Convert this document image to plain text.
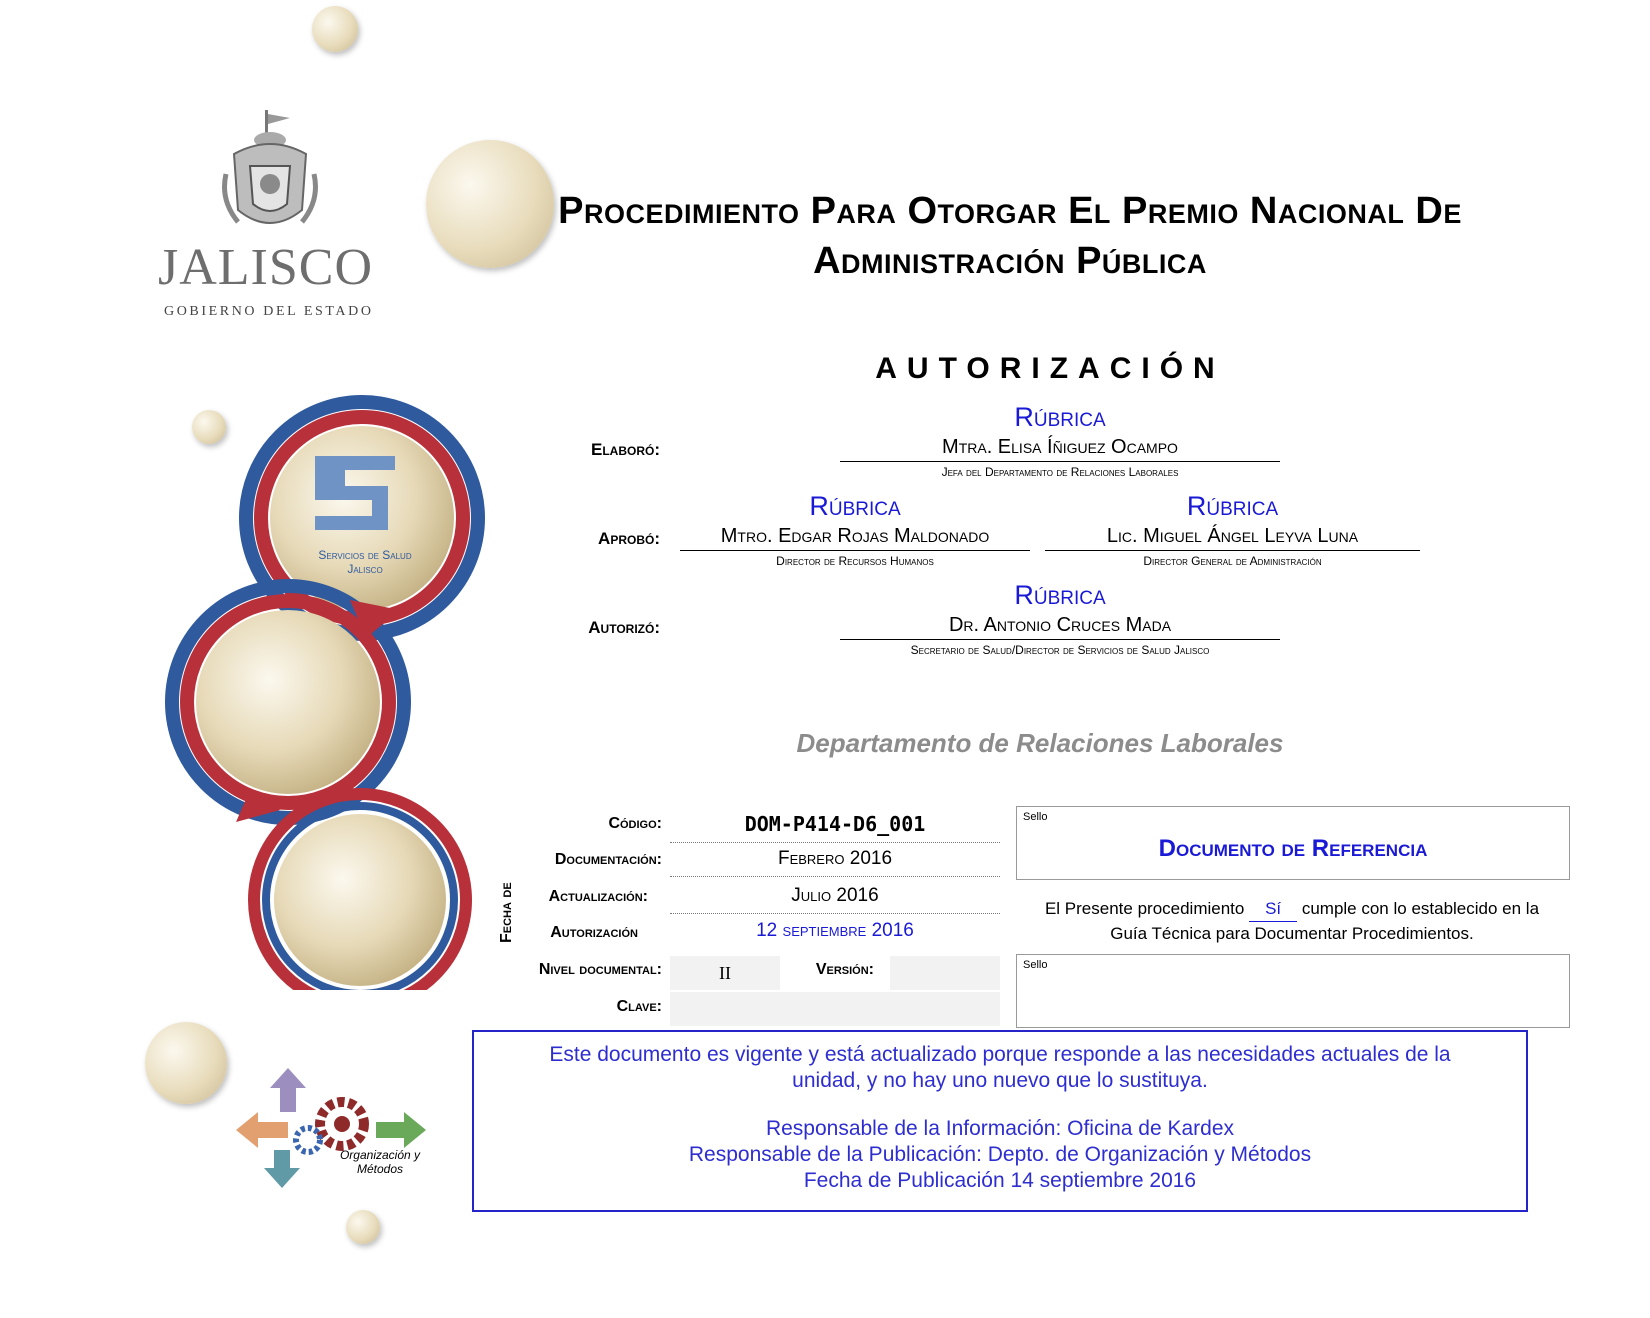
JALISCO
GOBIERNO DEL ESTADO
Servicios de Salud
Jalisco
Organización y
Métodos
Procedimiento Para Otorgar El Premio Nacional De
Administración Pública
AUTORIZACIÓN
Elaboró:
Rúbrica
Mtra. Elisa Íñiguez Ocampo
Jefa del Departamento de Relaciones Laborales
Aprobó:
Rúbrica
Mtro. Edgar Rojas Maldonado
Director de Recursos Humanos
Rúbrica
Lic. Miguel Ángel Leyva Luna
Director General de Administración
Autorizó:
Rúbrica
Dr. Antonio Cruces Mada
Secretario de Salud/Director de Servicios de Salud Jalisco
Departamento de Relaciones Laborales
Código:	DOM-P414-D6_001
Fecha de
Documentación:	Febrero 2016
Actualización:	Julio 2016
Autorización	12 septiembre 2016
Nivel documental:	II	Versión:
Clave:
Sello
Documento de Referencia
El Presente procedimiento Sí cumple con lo establecido en la
Guía Técnica para Documentar Procedimientos.
Sello

Este documento es vigente y está actualizado porque responde a las necesidades actuales de la

unidad, y no hay uno nuevo que lo sustituya.

Responsable de la Información: Oficina de Kardex

Responsable de la Publicación: Depto. de Organización y Métodos

Fecha de Publicación 14 septiembre 2016
